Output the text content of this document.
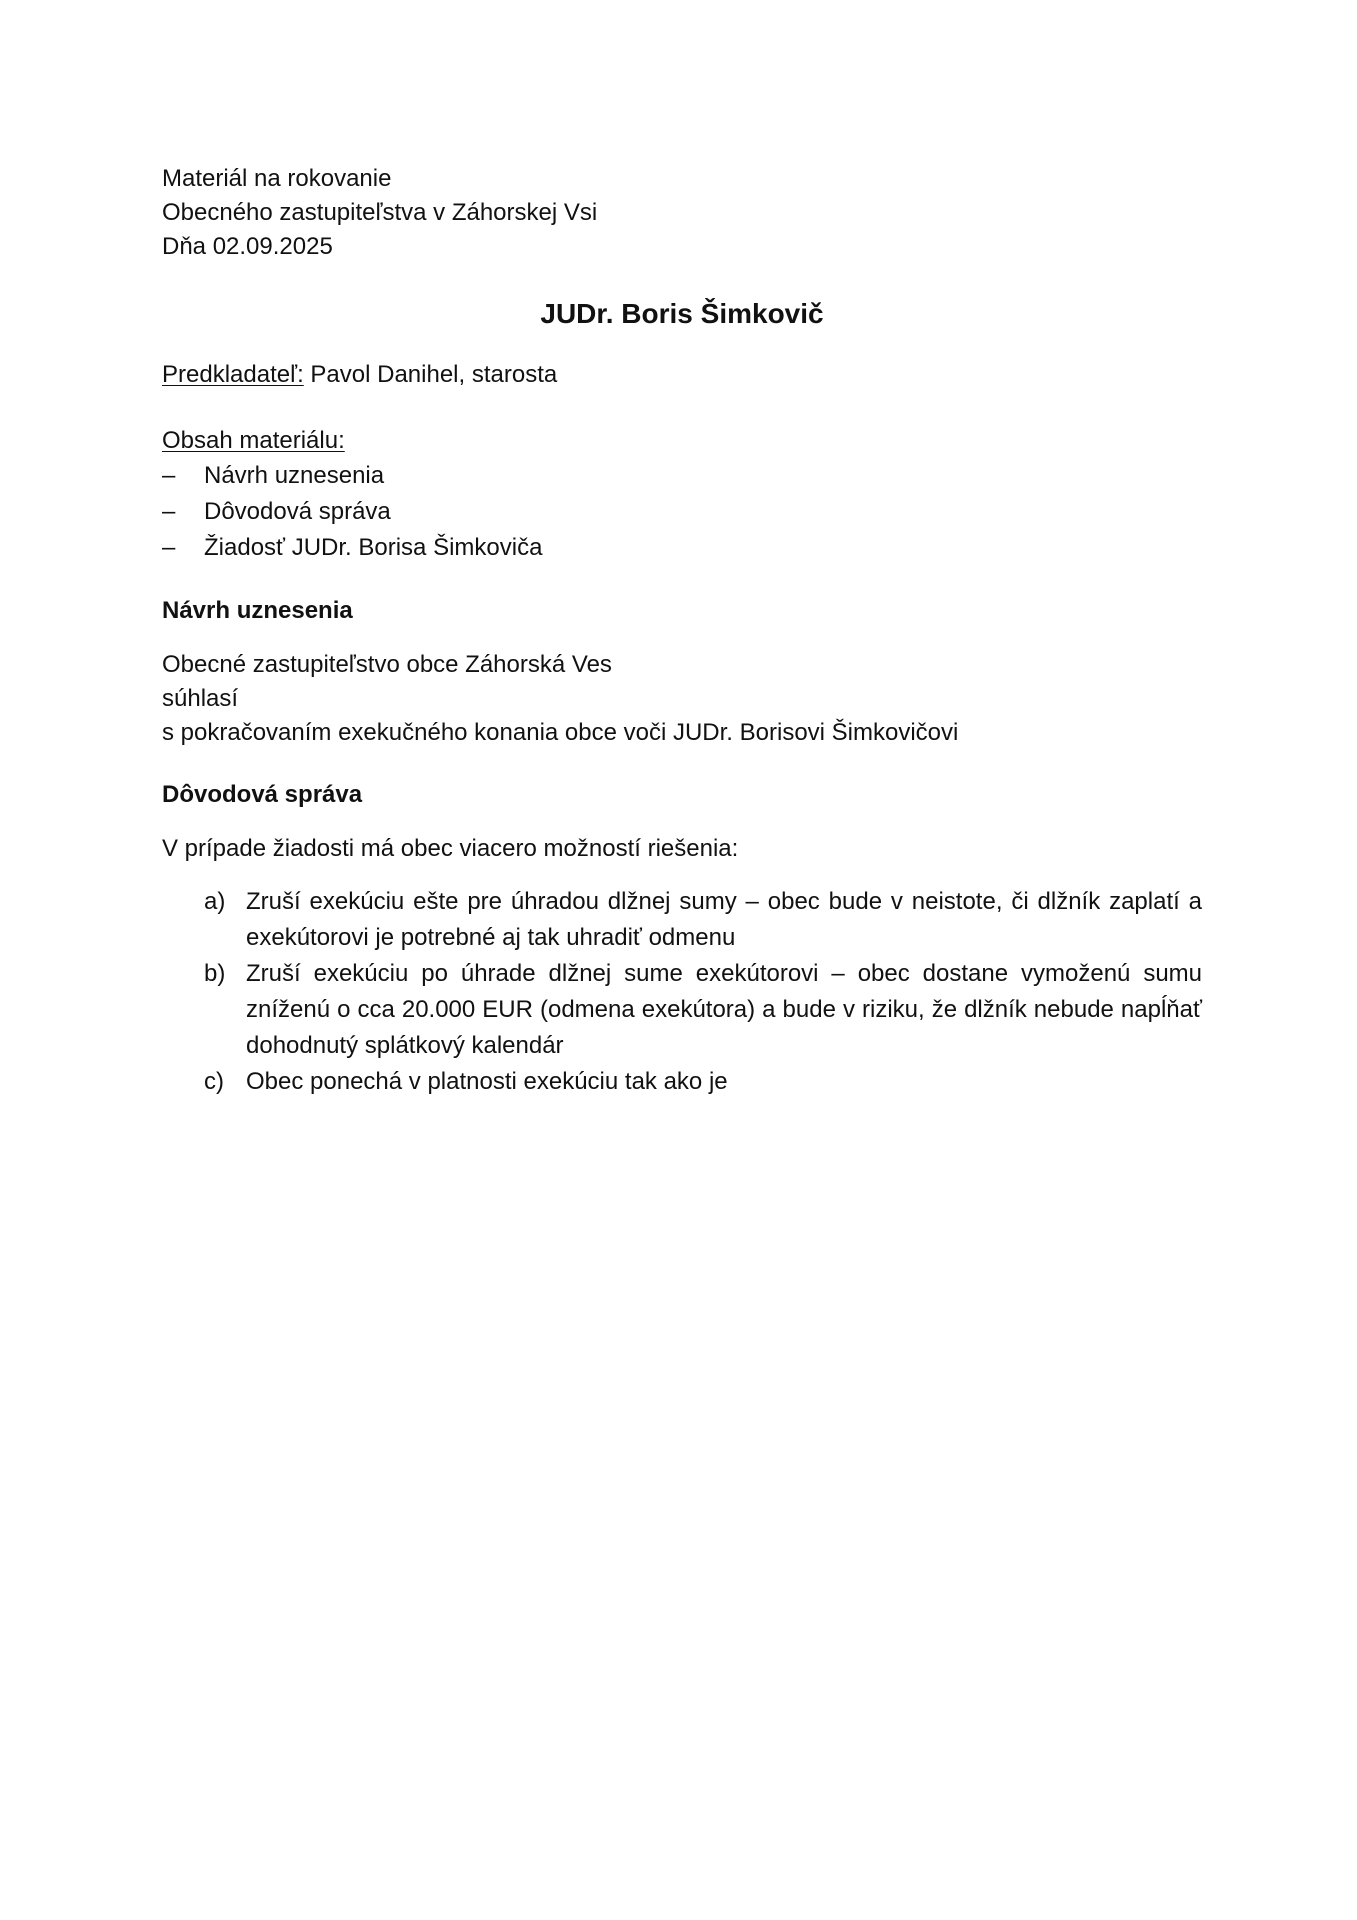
Materiál na rokovanie
Obecného zastupiteľstva v Záhorskej Vsi
Dňa 02.09.2025
JUDr. Boris Šimkovič
Predkladateľ: Pavol Danihel, starosta
Obsah materiálu:
–	Návrh uznesenia
–	Dôvodová správa
–	Žiadosť JUDr. Borisa Šimkoviča
Návrh uznesenia
Obecné zastupiteľstvo obce Záhorská Ves
súhlasí
s pokračovaním exekučného konania obce voči JUDr. Borisovi Šimkovičovi
Dôvodová správa
V prípade žiadosti má obec viacero možností riešenia:
a) Zruší exekúciu ešte pre úhradou dlžnej sumy – obec bude v neistote, či dlžník zaplatí a exekútorovi je potrebné aj tak uhradiť odmenu
b) Zruší exekúciu po úhrade dlžnej sume exekútorovi – obec dostane vymoženú sumu zníženú o cca 20.000 EUR (odmena exekútora) a bude v riziku, že dlžník nebude napĺňať dohodnutý splátkový kalendár
c) Obec ponechá v platnosti exekúciu tak ako je
